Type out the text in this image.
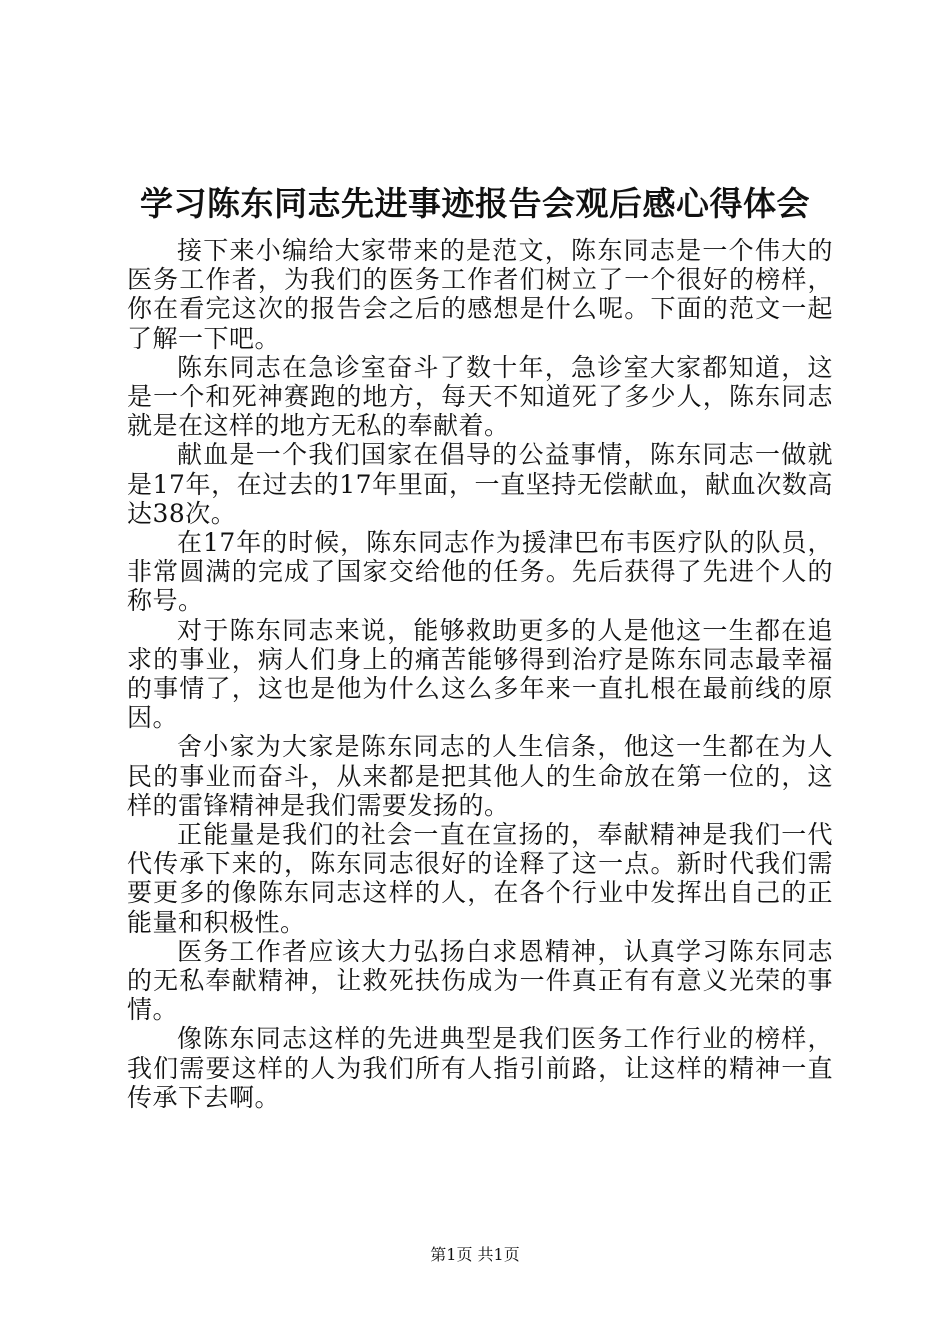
学习陈东同志先进事迹报告会观后感心得体会

接下来小编给大家带来的是范文，陈东同志是一个伟大的医务工作者，为我们的医务工作者们树立了一个很好的榜样，你在看完这次的报告会之后的感想是什么呢。下面的范文一起了解一下吧。

陈东同志在急诊室奋斗了数十年，急诊室大家都知道，这是一个和死神赛跑的地方，每天不知道死了多少人，陈东同志就是在这样的地方无私的奉献着。

献血是一个我们国家在倡导的公益事情，陈东同志一做就是17年，在过去的17年里面，一直坚持无偿献血，献血次数高达38次。

在17年的时候，陈东同志作为援津巴布韦医疗队的队员，非常圆满的完成了国家交给他的任务。先后获得了先进个人的称号。

对于陈东同志来说，能够救助更多的人是他这一生都在追求的事业，病人们身上的痛苦能够得到治疗是陈东同志最幸福的事情了，这也是他为什么这么多年来一直扎根在最前线的原因。

舍小家为大家是陈东同志的人生信条，他这一生都在为人民的事业而奋斗，从来都是把其他人的生命放在第一位的，这样的雷锋精神是我们需要发扬的。

正能量是我们的社会一直在宣扬的，奉献精神是我们一代代传承下来的，陈东同志很好的诠释了这一点。新时代我们需要更多的像陈东同志这样的人，在各个行业中发挥出自己的正能量和积极性。

医务工作者应该大力弘扬白求恩精神，认真学习陈东同志的无私奉献精神，让救死扶伤成为一件真正有有意义光荣的事情。

像陈东同志这样的先进典型是我们医务工作行业的榜样，我们需要这样的人为我们所有人指引前路，让这样的精神一直传承下去啊。

第1页 共1页
